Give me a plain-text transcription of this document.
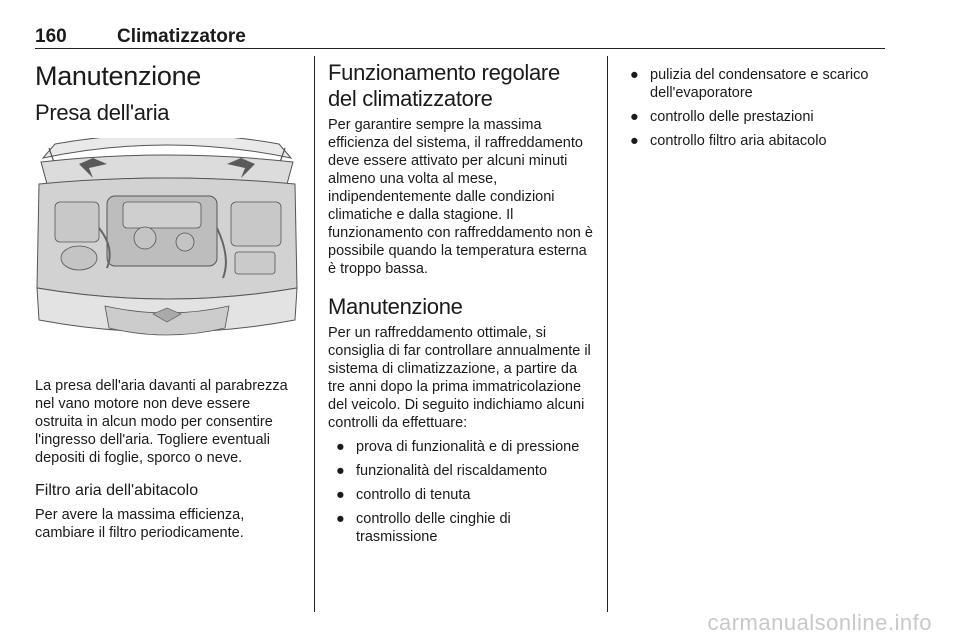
160	Climatizzatore
Manutenzione
Presa dell'aria

La presa dell'aria davanti al parabrezza nel vano motore non deve essere ostruita in alcun modo per consentire l'ingresso dell'aria. Togliere eventuali depositi di foglie, sporco o neve.

Filtro aria dell'abitacolo

Per avere la massima efficienza, cambiare il filtro periodicamente.

Funzionamento regolare del climatizzatore

Per garantire sempre la massima efficienza del sistema, il raffreddamento deve essere attivato per alcuni minuti almeno una volta al mese, indipendentemente dalle condizioni climatiche e dalla stagione. Il funzionamento con raffreddamento non è possibile quando la temperatura esterna è troppo bassa.

Manutenzione

Per un raffreddamento ottimale, si consiglia di far controllare annualmente il sistema di climatizzazione, a partire da tre anni dopo la prima immatricolazione del veicolo. Di seguito indichiamo alcuni controlli da effettuare:

● prova di funzionalità e di pressione
● funzionalità del riscaldamento
● controllo di tenuta
● controllo delle cinghie di trasmissione
● pulizia del condensatore e scarico dell'evaporatore
● controllo delle prestazioni
● controllo filtro aria abitacolo
carmanualsonline.info
